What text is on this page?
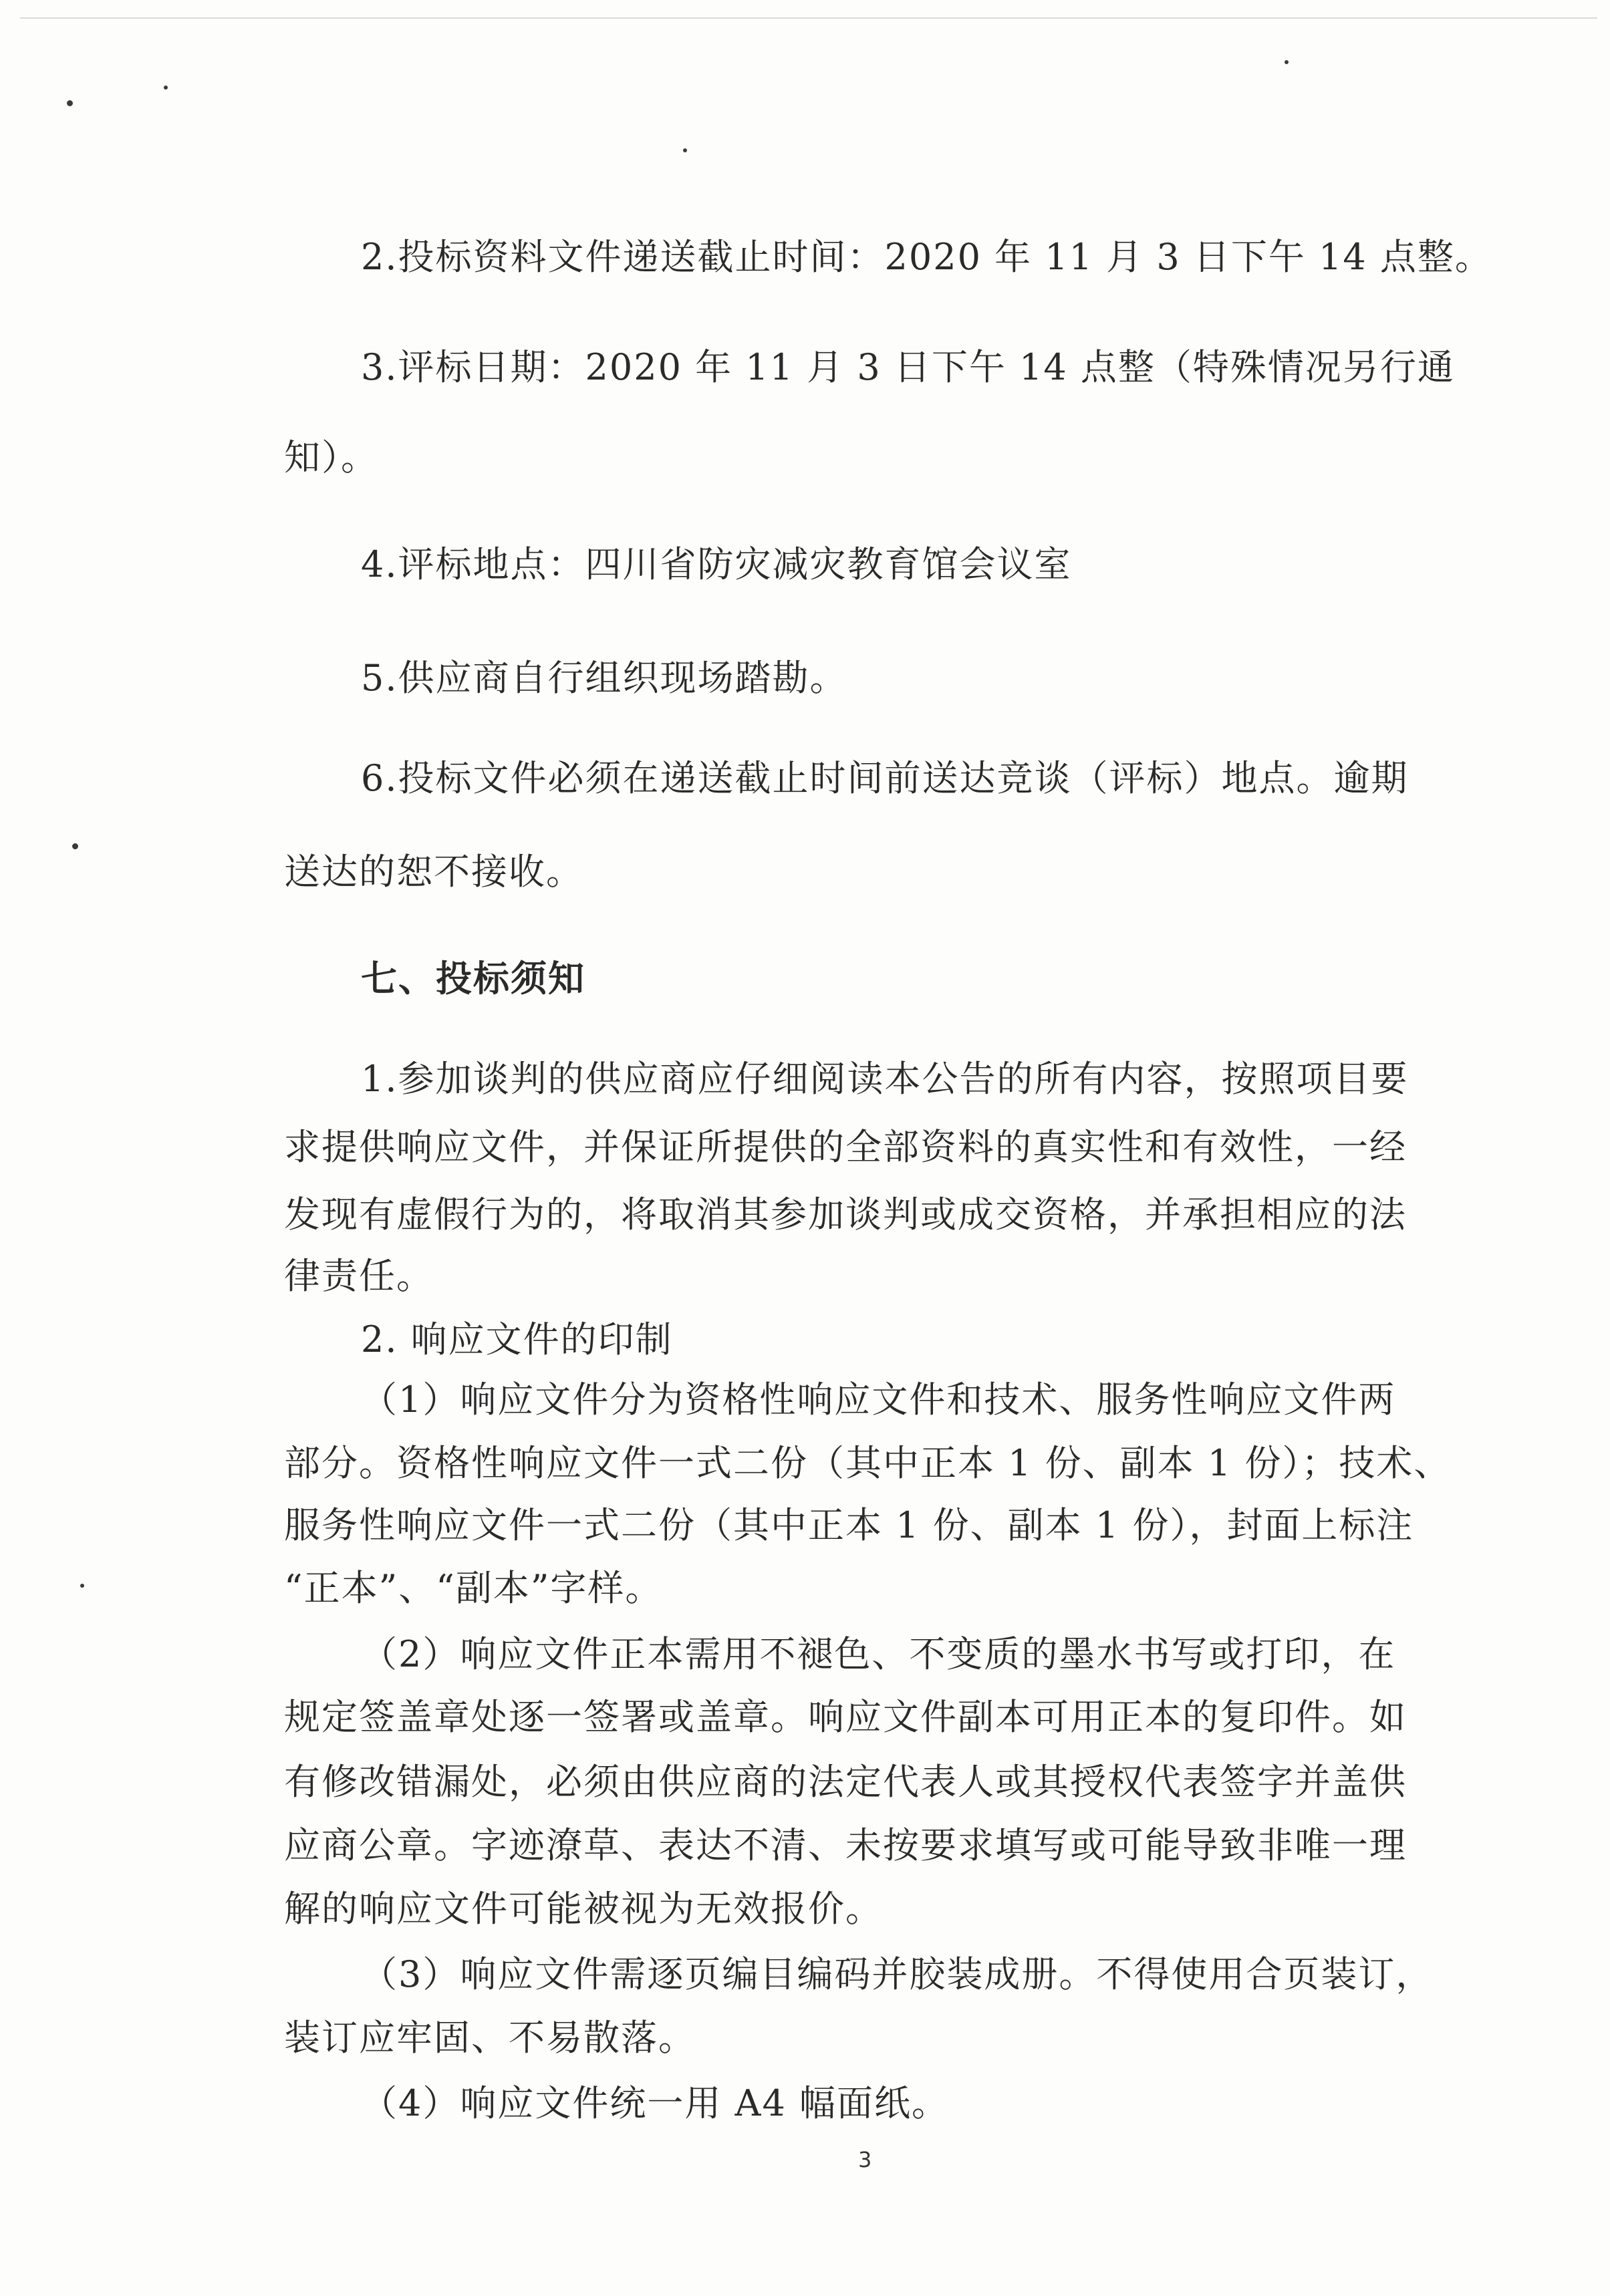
2.投标资料文件递送截止时间：2020 年 11 月 3 日下午 14 点整。

3.评标日期：2020 年 11 月 3 日下午 14 点整（特殊情况另行通

知）。

4.评标地点：四川省防灾减灾教育馆会议室

5.供应商自行组织现场踏勘。

6.投标文件必须在递送截止时间前送达竞谈（评标）地点。逾期

送达的恕不接收。

七、投标须知

1.参加谈判的供应商应仔细阅读本公告的所有内容，按照项目要

求提供响应文件，并保证所提供的全部资料的真实性和有效性，一经

发现有虚假行为的，将取消其参加谈判或成交资格，并承担相应的法

律责任。

2. 响应文件的印制

（1）响应文件分为资格性响应文件和技术、服务性响应文件两

部分。资格性响应文件一式二份（其中正本 1 份、副本 1 份）；技术、

服务性响应文件一式二份（其中正本 1 份、副本 1 份），封面上标注

“正本”、“副本”字样。

（2）响应文件正本需用不褪色、不变质的墨水书写或打印，在

规定签盖章处逐一签署或盖章。响应文件副本可用正本的复印件。如

有修改错漏处，必须由供应商的法定代表人或其授权代表签字并盖供

应商公章。字迹潦草、表达不清、未按要求填写或可能导致非唯一理

解的响应文件可能被视为无效报价。

（3）响应文件需逐页编目编码并胶装成册。不得使用合页装订，

装订应牢固、不易散落。

（4）响应文件统一用 A4 幅面纸。

3
